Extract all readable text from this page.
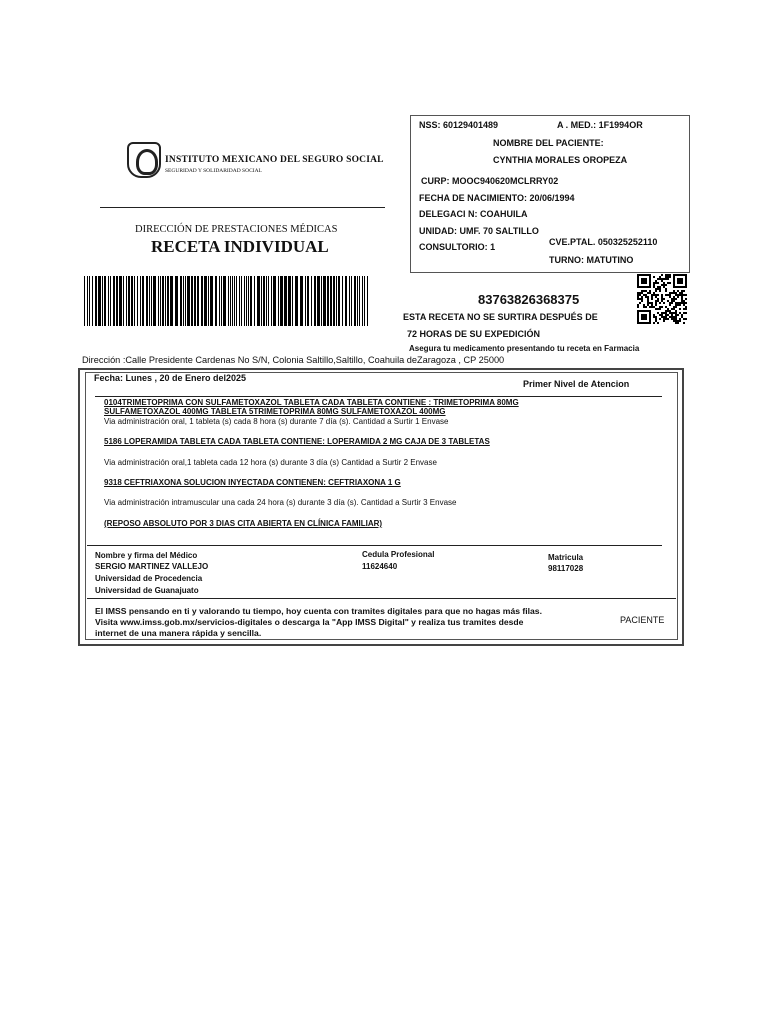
INSTITUTO MEXICANO DEL SEGURO SOCIAL
SEGURIDAD Y SOLIDARIDAD SOCIAL
DIRECCIÓN DE PRESTACIONES MÉDICAS
RECETA INDIVIDUAL
NSS: 60129401489	A . MED.: 1F1994OR
NOMBRE DEL PACIENTE:
CYNTHIA MORALES OROPEZA
CURP: MOOC940620MCLRRY02
FECHA DE NACIMIENTO: 20/06/1994
DELEGACI N: COAHUILA
UNIDAD: UMF. 70 SALTILLO
CONSULTORIO: 1	CVE.PTAL. 050325252110
TURNO: MATUTINO
83763826368375
ESTA RECETA NO SE SURTIRA DESPUÉS DE
72 HORAS DE SU EXPEDICIÓN
Asegura tu medicamento presentando tu receta en Farmacia
Dirección :Calle Presidente Cardenas No S/N, Colonia Saltillo,Saltillo, Coahuila deZaragoza , CP 25000
Fecha: Lunes , 20 de Enero del2025
Primer Nivel de Atencion
0104TRIMETOPRIMA CON SULFAMETOXAZOL TABLETA CADA TABLETA CONTIENE : TRIMETOPRIMA 80MG
SULFAMETOXAZOL 400MG TABLETA 5TRIMETOPRIMA 80MG SULFAMETOXAZOL 400MG
Via administración oral, 1 tableta (s) cada 8 hora (s) durante 7 día (s). Cantidad a Surtir 1 Envase
5186 LOPERAMIDA TABLETA CADA TABLETA CONTIENE: LOPERAMIDA 2 MG CAJA DE 3 TABLETAS
Via administración oral,1 tableta cada 12 hora (s) durante 3 día (s) Cantidad a Surtir 2 Envase
9318 CEFTRIAXONA SOLUCION INYECTADA CONTIENEN: CEFTRIAXONA 1 G
Via administración intramuscular una cada 24 hora (s) durante 3 día (s). Cantidad a Surtir 3 Envase
(REPOSO ABSOLUTO POR 3 DIAS CITA ABIERTA EN CLÍNICA FAMILIAR)
Nombre y firma del Médico
SERGIO MARTINEZ VALLEJO
Universidad de Procedencia
Universidad de Guanajuato
Cedula Profesional
11624640
Matricula
98117028
El IMSS pensando en ti y valorando tu tiempo, hoy cuenta con tramites digitales para que no hagas más filas.
Visita www.imss.gob.mx/servicios-digitales o descarga la "App IMSS Digital" y realiza tus tramites desde
internet de una manera rápida y sencilla.
PACIENTE
